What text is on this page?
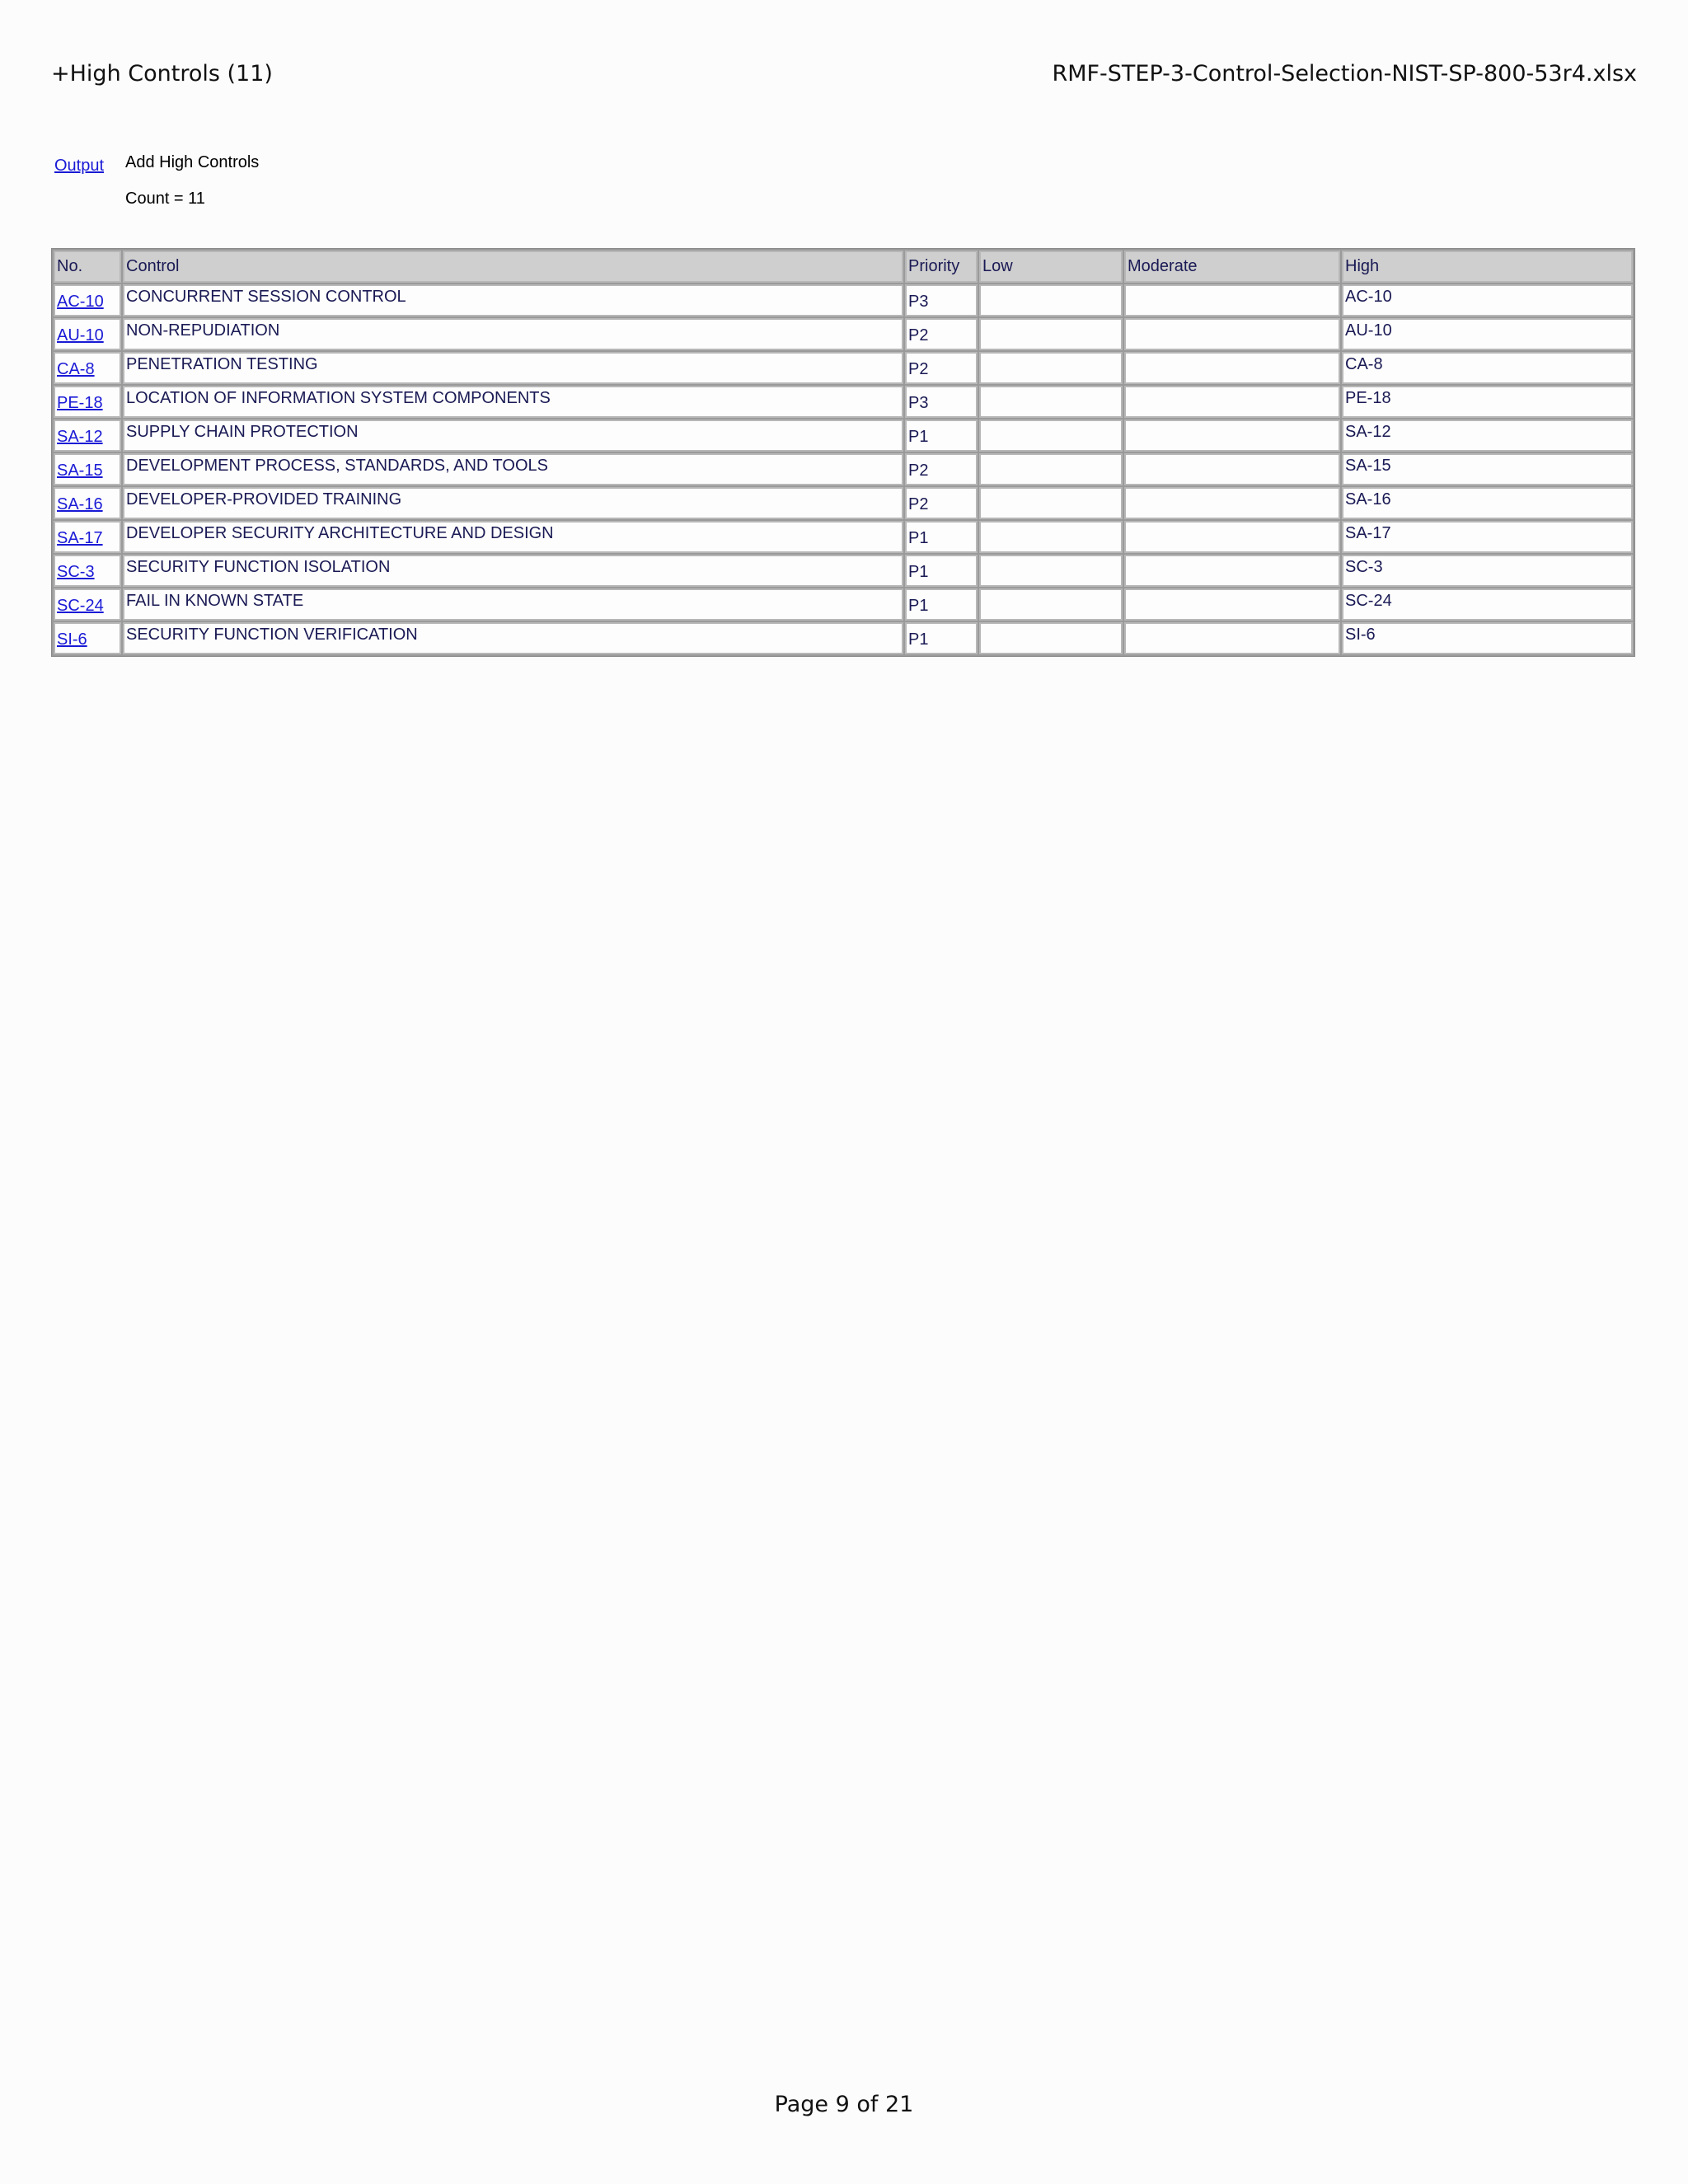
+High Controls (11)	RMF-STEP-3-Control-Selection-NIST-SP-800-53r4.xlsx
Output	Add High Controls
Count = 11
No.	Control	Priority	Low	Moderate	High
AC-10	CONCURRENT SESSION CONTROL	P3			AC-10
AU-10	NON-REPUDIATION	P2			AU-10
CA-8	PENETRATION TESTING	P2			CA-8
PE-18	LOCATION OF INFORMATION SYSTEM COMPONENTS	P3			PE-18
SA-12	SUPPLY CHAIN PROTECTION	P1			SA-12
SA-15	DEVELOPMENT PROCESS, STANDARDS, AND TOOLS	P2			SA-15
SA-16	DEVELOPER-PROVIDED TRAINING	P2			SA-16
SA-17	DEVELOPER SECURITY ARCHITECTURE AND DESIGN	P1			SA-17
SC-3	SECURITY FUNCTION ISOLATION	P1			SC-3
SC-24	FAIL IN KNOWN STATE	P1			SC-24
SI-6	SECURITY FUNCTION VERIFICATION	P1			SI-6
Page 9 of 21
